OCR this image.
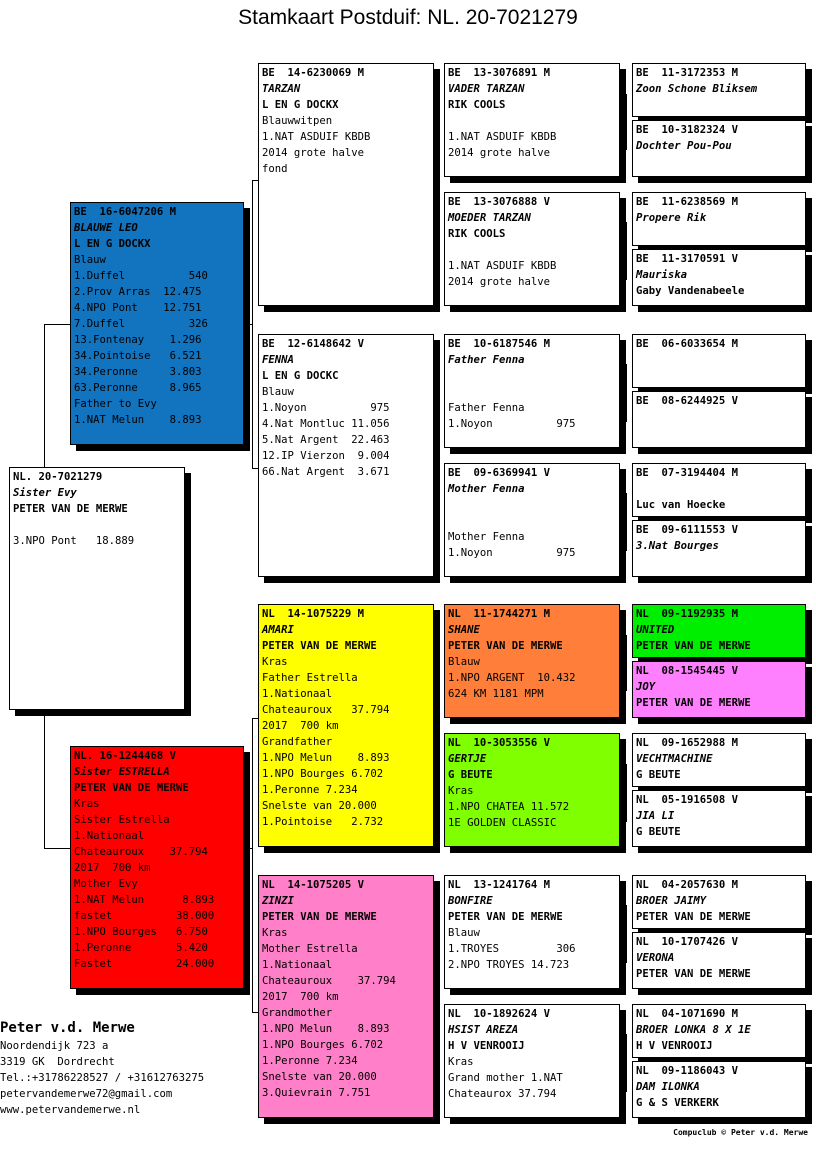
Stamkaart Postduif: NL. 20-7021279
NL. 20-7021279
Sister Evy
PETER VAN DE MERWE
3.NPO Pont   18.889
BE  16-6047206 M
BLAUWE LEO
L EN G DOCKX
Blauw
1.Duffel          540
2.Prov Arras  12.475
4.NPO Pont    12.751
7.Duffel          326
13.Fontenay    1.296
34.Pointoise   6.521
34.Peronne     3.803
63.Peronne     8.965
Father to Evy
1.NAT Melun    8.893
NL. 16-1244468 V
Sister ESTRELLA
PETER VAN DE MERWE
Kras
Sister Estrella
1.Nationaal
Chateauroux    37.794
2017  700 km
Mother Evy
1.NAT Melun      8.893
fastet          38.000
1.NPO Bourges   6.750
1.Peronne       5.420
Fastet          24.000
BE  14-6230069 M
TARZAN
L EN G DOCKX
Blauwwitpen
1.NAT ASDUIF KBDB
2014 grote halve
fond
BE  12-6148642 V
FENNA
L EN G DOCKC
Blauw
1.Noyon          975
4.Nat Montluc 11.056
5.Nat Argent  22.463
12.IP Vierzon  9.004
66.Nat Argent  3.671
NL  14-1075229 M
AMARI
PETER VAN DE MERWE
Kras
Father Estrella
1.Nationaal
Chateauroux   37.794
2017  700 km
Grandfather
1.NPO Melun    8.893
1.NPO Bourges 6.702
1.Peronne 7.234
Snelste van 20.000
1.Pointoise   2.732
NL  14-1075205 V
ZINZI
PETER VAN DE MERWE
Kras
Mother Estrella
1.Nationaal
Chateauroux    37.794
2017  700 km
Grandmother
1.NPO Melun    8.893
1.NPO Bourges 6.702
1.Peronne 7.234
Snelste van 20.000
3.Quievrain 7.751
BE  13-3076891 M
VADER TARZAN
RIK COOLS
1.NAT ASDUIF KBDB
2014 grote halve
BE  13-3076888 V
MOEDER TARZAN
RIK COOLS
1.NAT ASDUIF KBDB
2014 grote halve
BE  10-6187546 M
Father Fenna
Father Fenna
1.Noyon          975
BE  09-6369941 V
Mother Fenna
Mother Fenna
1.Noyon          975
NL  11-1744271 M
SHANE
PETER VAN DE MERWE
Blauw
1.NPO ARGENT  10.432
624 KM 1181 MPM
NL  10-3053556 V
GERTJE
G BEUTE
Kras
1.NPO CHATEA 11.572
1E GOLDEN CLASSIC
NL  13-1241764 M
BONFIRE
PETER VAN DE MERWE
Blauw
1.TROYES         306
2.NPO TROYES 14.723
NL  10-1892624 V
HSIST AREZA
H V VENROOIJ
Kras
Grand mother 1.NAT
Chateaurox 37.794
BE  11-3172353 M
Zoon Schone Bliksem
BE  10-3182324 V
Dochter Pou-Pou
BE  11-6238569 M
Propere Rik
BE  11-3170591 V
Mauriska
Gaby Vandenabeele
BE  06-6033654 M
BE  08-6244925 V
BE  07-3194404 M
Luc van Hoecke
BE  09-6111553 V
3.Nat Bourges
NL  09-1192935 M
UNITED
PETER VAN DE MERWE
NL  08-1545445 V
JOY
PETER VAN DE MERWE
NL  09-1652988 M
VECHTMACHINE
G BEUTE
NL  05-1916508 V
JIA LI
G BEUTE
NL  04-2057630 M
BROER JAIMY
PETER VAN DE MERWE
NL  10-1707426 V
VERONA
PETER VAN DE MERWE
NL  04-1071690 M
BROER LONKA 8 X 1E
H V VENROOIJ
NL  09-1186043 V
DAM ILONKA
G & S VERKERK
Peter v.d. Merwe
Noordendijk 723 a
3319 GK  Dordrecht
Tel.:+31786228527 / +31612763275
petervandemerwe72@gmail.com
www.petervandemerwe.nl
Compuclub © Peter v.d. Merwe
